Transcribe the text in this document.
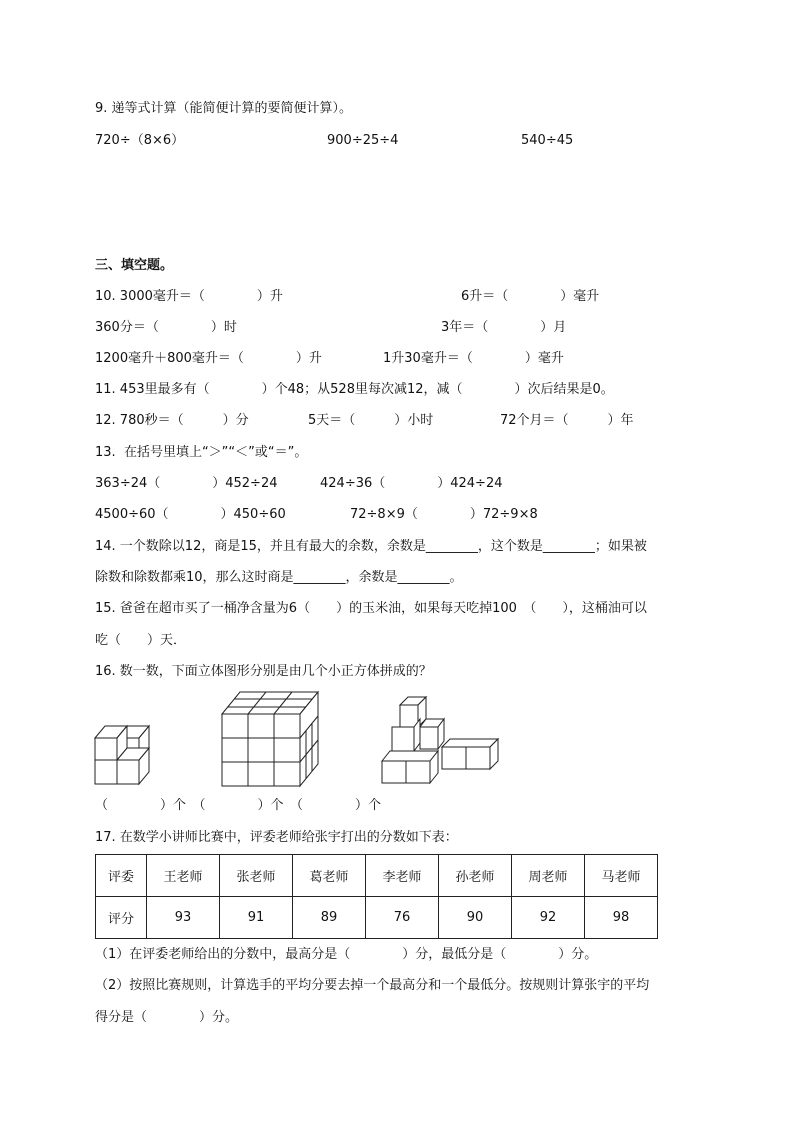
9. 递等式计算（能简便计算的要简便计算）。
720÷（8×6）	900÷25÷4	540÷45
三、填空题。
10. 3000毫升＝（　　　　）升	6升＝（　　　　）毫升
360分＝（　　　　）时	3年＝（　　　　）月
1200毫升＋800毫升＝（　　　　）升	1升30毫升＝（　　　　）毫升
11. 453里最多有（　　　　）个48；从528里每次减12，减（　　　　）次后结果是0。
12. 780秒＝（　　　）分	5天＝（　　　）小时	72个月＝（　　　）年
13.  在括号里填上“＞”“＜”或“＝”。
363÷24（　　　　）452÷24	424÷36（　　　　）424÷24
4500÷60（　　　　）450÷60	72÷8×9（　　　　）72÷9×8
14. 一个数除以12，商是15，并且有最大的余数，余数是________，这个数是________；如果被
除数和除数都乘10，那么这时商是________，余数是________。
15. 爸爸在超市买了一桶净含量为6（　　）的玉米油，如果每天吃掉100　（　　），这桶油可以
吃（　　）天．
16. 数一数，下面立体图形分别是由几个小正方体拼成的？
（　　　　）个　（　　　　）个　（　　　　）个
17. 在数学小讲师比赛中，评委老师给张宇打出的分数如下表：
评委	王老师	张老师	葛老师	李老师	孙老师	周老师	马老师
评分	93	91	89	76	90	92	98
（1）在评委老师给出的分数中，最高分是（　　　　）分，最低分是（　　　　）分。
（2）按照比赛规则，计算选手的平均分要去掉一个最高分和一个最低分。按规则计算张宇的平均
得分是（　　　　）分。
